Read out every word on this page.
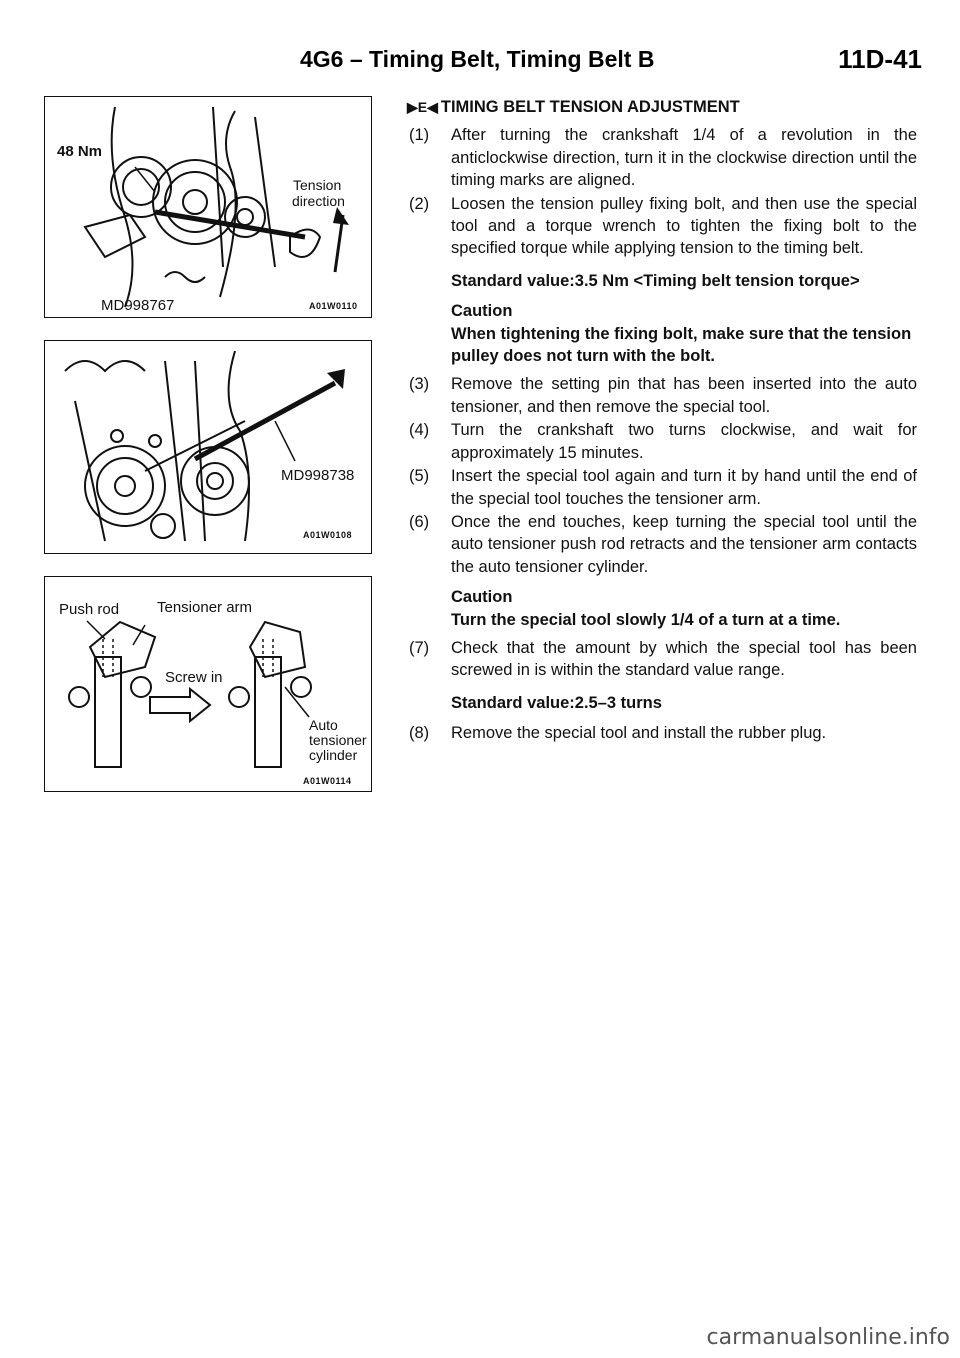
4G6 – Timing Belt, Timing Belt B	11D-41
48 Nm
Tension
direction
MD998767	A01W0110
MD998738
A01W0108
Push rod	Tensioner arm
Screw in
Auto
tensioner
cylinder
A01W0114
▶E◀ TIMING BELT TENSION ADJUSTMENT
(1) After turning the crankshaft 1/4 of a revolution in the anticlockwise direction, turn it in the clockwise direction until the timing marks are aligned.
(2) Loosen the tension pulley fixing bolt, and then use the special tool and a torque wrench to tighten the fixing bolt to the specified torque while applying tension to the timing belt.
Standard value:3.5 Nm <Timing belt tension torque>
Caution
When tightening the fixing bolt, make sure that the tension pulley does not turn with the bolt.
(3) Remove the setting pin that has been inserted into the auto tensioner, and then remove the special tool.
(4) Turn the crankshaft two turns clockwise, and wait for approximately 15 minutes.
(5) Insert the special tool again and turn it by hand until the end of the special tool touches the tensioner arm.
(6) Once the end touches, keep turning the special tool until the auto tensioner push rod retracts and the tensioner arm contacts the auto tensioner cylinder.
Caution
Turn the special tool slowly 1/4 of a turn at a time.
(7) Check that the amount by which the special tool has been screwed in is within the standard value range.
Standard value:2.5–3 turns
(8) Remove the special tool and install the rubber plug.
carmanualsonline.info
